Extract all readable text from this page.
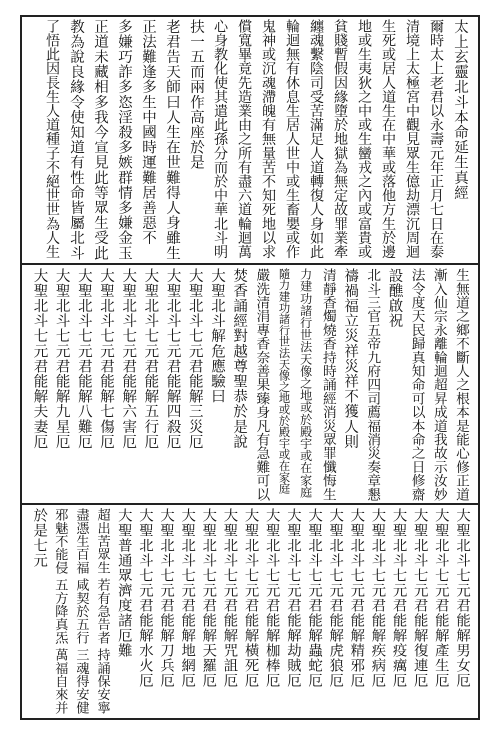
太上玄靈北斗本命延生真經
爾時太上老君以永壽元年正月七日在泰
清境上太極宮中觀見眾生億劫漂沉周迴
生死或居人道生在中華或落他方生於邊
地或生夷狄之中或生蠻戎之內或富貴或
貧賤暫假因緣墮於地獄為無定故罪業牽
纏魂繫陰司受苦滿足人道轉復人身如此
輪迴無有休息生居人世中或生畜嬰或作
鬼神或沉魂滯魄有無量苦不知死地以求
償寬畢竟先造業由之所有盡六道輪迴萬
心身教化使其遣此孫分而於中華北斗明
扶一五而兩作高座於是
老君告天師曰人生在世難得人身雖生
正法難逢多生中國時運難居善惡不
多嫌巧詐多恣淫殺多嫉群情多嫌金玉
正道未藏相多我今宣見此等眾生受此
教為說良緣令使知道有性命皆屬北斗
了悟此因長生人道種子不絕世世為人生
生無道之鄉不斷人之根本是能心修正道
漸入仙宗永離輪迴超昇成道我故示汝妙
法令度天民歸真知命可以本命之日修齋
設醮啟祝
北斗三官五帝九府四司薦福消災奏章懇
禱禍福立災祥災祥不獲人則
清靜香燭燒香持時誦經消災眾罪懺悔生
力建功諸行世法天像之地或於殿宇或在家庭
隨力建功諸行世法天像之地或於殿宇或在家庭
嚴洗清涓專香奈善果臻身凡有急難可以
焚香誦經對越尊聖恭於是說
大聖北斗解危應驗曰
大聖北斗七元君能解三災厄
大聖北斗七元君能解四殺厄
大聖北斗七元君能解五行厄
大聖北斗七元君能解六害厄
大聖北斗七元君能解七傷厄
大聖北斗七元君能解八難厄
大聖北斗七元君能解九星厄
大聖北斗七元君能解夫妻厄
大聖北斗七元君能解男女厄
大聖北斗七元君能解產生厄
大聖北斗七元君能解復連厄
大聖北斗七元君能解疫癘厄
大聖北斗七元君能解疾病厄
大聖北斗七元君能解精邪厄
大聖北斗七元君能解虎狼厄
大聖北斗七元君能解蟲蛇厄
大聖北斗七元君能解劫賊厄
大聖北斗七元君能解枷棒厄
大聖北斗七元君能解橫死厄
大聖北斗七元君能解咒詛厄
大聖北斗七元君能解天羅厄
大聖北斗七元君能解地網厄
大聖北斗七元君能解刀兵厄
大聖北斗七元君能解水火厄
大聖普通眾濟度諸厄難
超出苦眾生 若有急告者 持誦保安寧
盡憑生百福 咸契於五行 三魂得安健
邪魅不能侵 五方降真炁 萬福自來并
於是七元
